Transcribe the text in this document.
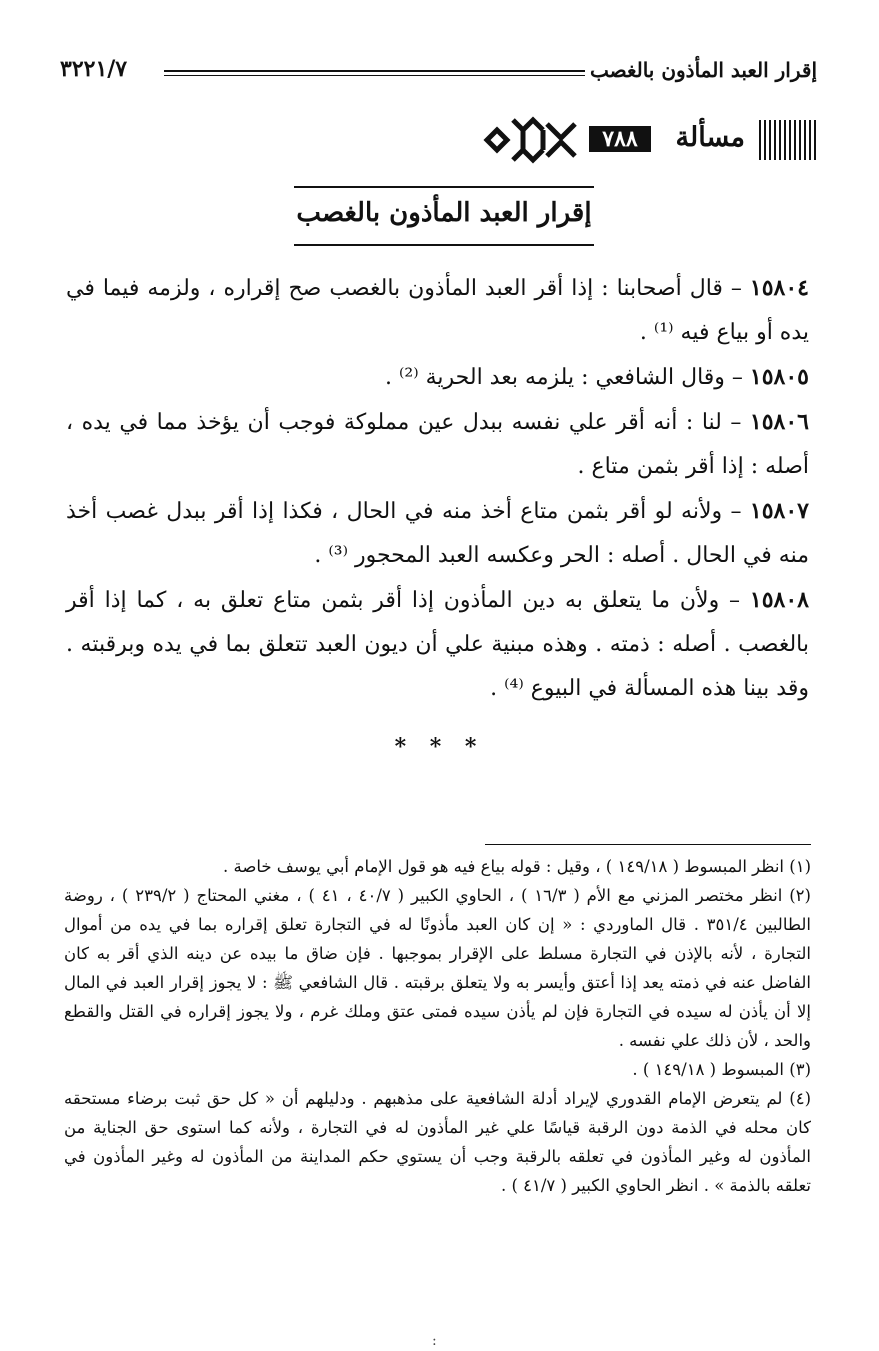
إقرار العبد المأذون بالغصب
٣٢٢١/٧
مسألة
٧٨٨
إقرار العبد المأذون بالغصب

١٥٨٠٤ – قال أصحابنا : إذا أقر العبد المأذون بالغصب صح إقراره ، ولزمه فيما في يده أو بياع فيه ⁽¹⁾ .

١٥٨٠٥ – وقال الشافعي : يلزمه بعد الحرية ⁽²⁾ .

١٥٨٠٦ – لنا : أنه أقر علي نفسه ببدل عين مملوكة فوجب أن يؤخذ مما في يده ، أصله : إذا أقر بثمن متاع .

١٥٨٠٧ – ولأنه لو أقر بثمن متاع أخذ منه في الحال ، فكذا إذا أقر ببدل غصب أخذ منه في الحال . أصله : الحر وعكسه العبد المحجور ⁽³⁾ .

١٥٨٠٨ – ولأن ما يتعلق به دين المأذون إذا أقر بثمن متاع تعلق به ، كما إذا أقر بالغصب . أصله : ذمته . وهذه مبنية علي أن ديون العبد تتعلق بما في يده وبرقبته . وقد بينا هذه المسألة في البيوع ⁽⁴⁾ .

* * *

(١) انظر المبسوط ( ١٤٩/١٨ ) ، وقيل : قوله بياع فيه هو قول الإمام أبي يوسف خاصة .

(٢) انظر مختصر المزني مع الأم ( ١٦/٣ ) ، الحاوي الكبير ( ٤٠/٧ ، ٤١ ) ، مغني المحتاج ( ٢٣٩/٢ ) ، روضة الطالبين ٣٥١/٤ . قال الماوردي : « إن كان العبد مأذونًا له في التجارة تعلق إقراره بما في يده من أموال التجارة ، لأنه بالإذن في التجارة مسلط على الإقرار بموجبها . فإن ضاق ما بيده عن دينه الذي أقر به كان الفاضل عنه في ذمته يعد إذا أعتق وأيسر به ولا يتعلق برقبته . قال الشافعي ﷺ : لا يجوز إقرار العبد في المال إلا أن يأذن له سيده في التجارة فإن لم يأذن سيده فمتى عتق وملك غرم ، ولا يجوز إقراره في القتل والقطع والحد ، لأن ذلك علي نفسه .

(٣) المبسوط ( ١٤٩/١٨ ) .

(٤) لم يتعرض الإمام القدوري لإيراد أدلة الشافعية على مذهبهم . ودليلهم أن « كل حق ثبت برضاء مستحقه كان محله في الذمة دون الرقبة قياسًا علي غير المأذون له في التجارة ، ولأنه كما استوى حق الجناية من المأذون له وغير المأذون في تعلقه بالرقبة وجب أن يستوي حكم المداينة من المأذون له وغير المأذون في تعلقه بالذمة » . انظر الحاوي الكبير ( ٤١/٧ ) .

:
